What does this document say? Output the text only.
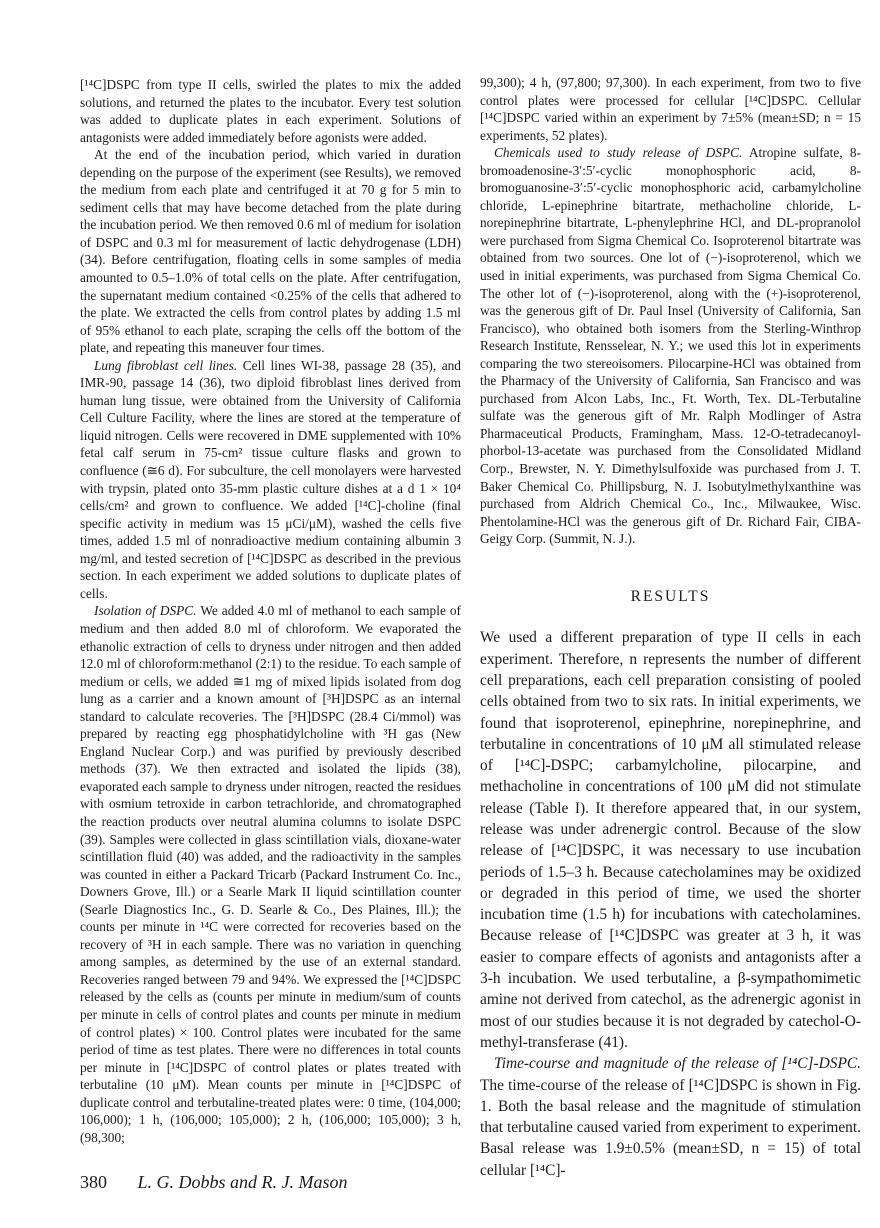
[¹⁴C]DSPC from type II cells, swirled the plates to mix the added solutions, and returned the plates to the incubator. Every test solution was added to duplicate plates in each experiment. Solutions of antagonists were added immediately before agonists were added.

At the end of the incubation period, which varied in duration depending on the purpose of the experiment (see Results), we removed the medium from each plate and centrifuged it at 70 g for 5 min to sediment cells that may have become detached from the plate during the incubation period. We then removed 0.6 ml of medium for isolation of DSPC and 0.3 ml for measurement of lactic dehydrogenase (LDH) (34). Before centrifugation, floating cells in some samples of media amounted to 0.5–1.0% of total cells on the plate. After centrifugation, the supernatant medium contained <0.25% of the cells that adhered to the plate. We extracted the cells from control plates by adding 1.5 ml of 95% ethanol to each plate, scraping the cells off the bottom of the plate, and repeating this maneuver four times.

Lung fibroblast cell lines. Cell lines WI-38, passage 28 (35), and IMR-90, passage 14 (36), two diploid fibroblast lines derived from human lung tissue, were obtained from the University of California Cell Culture Facility, where the lines are stored at the temperature of liquid nitrogen. Cells were recovered in DME supplemented with 10% fetal calf serum in 75-cm² tissue culture flasks and grown to confluence (≅6 d). For subculture, the cell monolayers were harvested with trypsin, plated onto 35-mm plastic culture dishes at a d 1 × 10⁴ cells/cm² and grown to confluence. We added [¹⁴C]-choline (final specific activity in medium was 15 μCi/μM), washed the cells five times, added 1.5 ml of nonradioactive medium containing albumin 3 mg/ml, and tested secretion of [¹⁴C]DSPC as described in the previous section. In each experiment we added solutions to duplicate plates of cells.

Isolation of DSPC. We added 4.0 ml of methanol to each sample of medium and then added 8.0 ml of chloroform. We evaporated the ethanolic extraction of cells to dryness under nitrogen and then added 12.0 ml of chloroform:methanol (2:1) to the residue. To each sample of medium or cells, we added ≅1 mg of mixed lipids isolated from dog lung as a carrier and a known amount of [³H]DSPC as an internal standard to calculate recoveries. The [³H]DSPC (28.4 Ci/mmol) was prepared by reacting egg phosphatidylcholine with ³H gas (New England Nuclear Corp.) and was purified by previously described methods (37). We then extracted and isolated the lipids (38), evaporated each sample to dryness under nitrogen, reacted the residues with osmium tetroxide in carbon tetrachloride, and chromatographed the reaction products over neutral alumina columns to isolate DSPC (39). Samples were collected in glass scintillation vials, dioxane-water scintillation fluid (40) was added, and the radioactivity in the samples was counted in either a Packard Tricarb (Packard Instrument Co. Inc., Downers Grove, Ill.) or a Searle Mark II liquid scintillation counter (Searle Diagnostics Inc., G. D. Searle & Co., Des Plaines, Ill.); the counts per minute in ¹⁴C were corrected for recoveries based on the recovery of ³H in each sample. There was no variation in quenching among samples, as determined by the use of an external standard. Recoveries ranged between 79 and 94%. We expressed the [¹⁴C]DSPC released by the cells as (counts per minute in medium/sum of counts per minute in cells of control plates and counts per minute in medium of control plates) × 100. Control plates were incubated for the same period of time as test plates. There were no differences in total counts per minute in [¹⁴C]DSPC of control plates or plates treated with terbutaline (10 μM). Mean counts per minute in [¹⁴C]DSPC of duplicate control and terbutaline-treated plates were: 0 time, (104,000; 106,000); 1 h, (106,000; 105,000); 2 h, (106,000; 105,000); 3 h, (98,300;

99,300); 4 h, (97,800; 97,300). In each experiment, from two to five control plates were processed for cellular [¹⁴C]DSPC. Cellular [¹⁴C]DSPC varied within an experiment by 7±5% (mean±SD; n = 15 experiments, 52 plates).

Chemicals used to study release of DSPC. Atropine sulfate, 8-bromoadenosine-3′:5′-cyclic monophosphoric acid, 8-bromoguanosine-3′:5′-cyclic monophosphoric acid, carbamylcholine chloride, L-epinephrine bitartrate, methacholine chloride, L-norepinephrine bitartrate, L-phenylephrine HCl, and DL-propranolol were purchased from Sigma Chemical Co. Isoproterenol bitartrate was obtained from two sources. One lot of (−)-isoproterenol, which we used in initial experiments, was purchased from Sigma Chemical Co. The other lot of (−)-isoproterenol, along with the (+)-isoproterenol, was the generous gift of Dr. Paul Insel (University of California, San Francisco), who obtained both isomers from the Sterling-Winthrop Research Institute, Rensselear, N. Y.; we used this lot in experiments comparing the two stereoisomers. Pilocarpine-HCl was obtained from the Pharmacy of the University of California, San Francisco and was purchased from Alcon Labs, Inc., Ft. Worth, Tex. DL-Terbutaline sulfate was the generous gift of Mr. Ralph Modlinger of Astra Pharmaceutical Products, Framingham, Mass. 12-O-tetradecanoyl-phorbol-13-acetate was purchased from the Consolidated Midland Corp., Brewster, N. Y. Dimethylsulfoxide was purchased from J. T. Baker Chemical Co. Phillipsburg, N. J. Isobutylmethylxanthine was purchased from Aldrich Chemical Co., Inc., Milwaukee, Wisc. Phentolamine-HCl was the generous gift of Dr. Richard Fair, CIBA-Geigy Corp. (Summit, N. J.).

RESULTS

We used a different preparation of type II cells in each experiment. Therefore, n represents the number of different cell preparations, each cell preparation consisting of pooled cells obtained from two to six rats. In initial experiments, we found that isoproterenol, epinephrine, norepinephrine, and terbutaline in concentrations of 10 μM all stimulated release of [¹⁴C]-DSPC; carbamylcholine, pilocarpine, and methacholine in concentrations of 100 μM did not stimulate release (Table I). It therefore appeared that, in our system, release was under adrenergic control. Because of the slow release of [¹⁴C]DSPC, it was necessary to use incubation periods of 1.5–3 h. Because catecholamines may be oxidized or degraded in this period of time, we used the shorter incubation time (1.5 h) for incubations with catecholamines. Because release of [¹⁴C]DSPC was greater at 3 h, it was easier to compare effects of agonists and antagonists after a 3-h incubation. We used terbutaline, a β-sympathomimetic amine not derived from catechol, as the adrenergic agonist in most of our studies because it is not degraded by catechol-O-methyl-transferase (41).

Time-course and magnitude of the release of [¹⁴C]-DSPC. The time-course of the release of [¹⁴C]DSPC is shown in Fig. 1. Both the basal release and the magnitude of stimulation that terbutaline caused varied from experiment to experiment. Basal release was 1.9±0.5% (mean±SD, n = 15) of total cellular [¹⁴C]-

380 L. G. Dobbs and R. J. Mason
